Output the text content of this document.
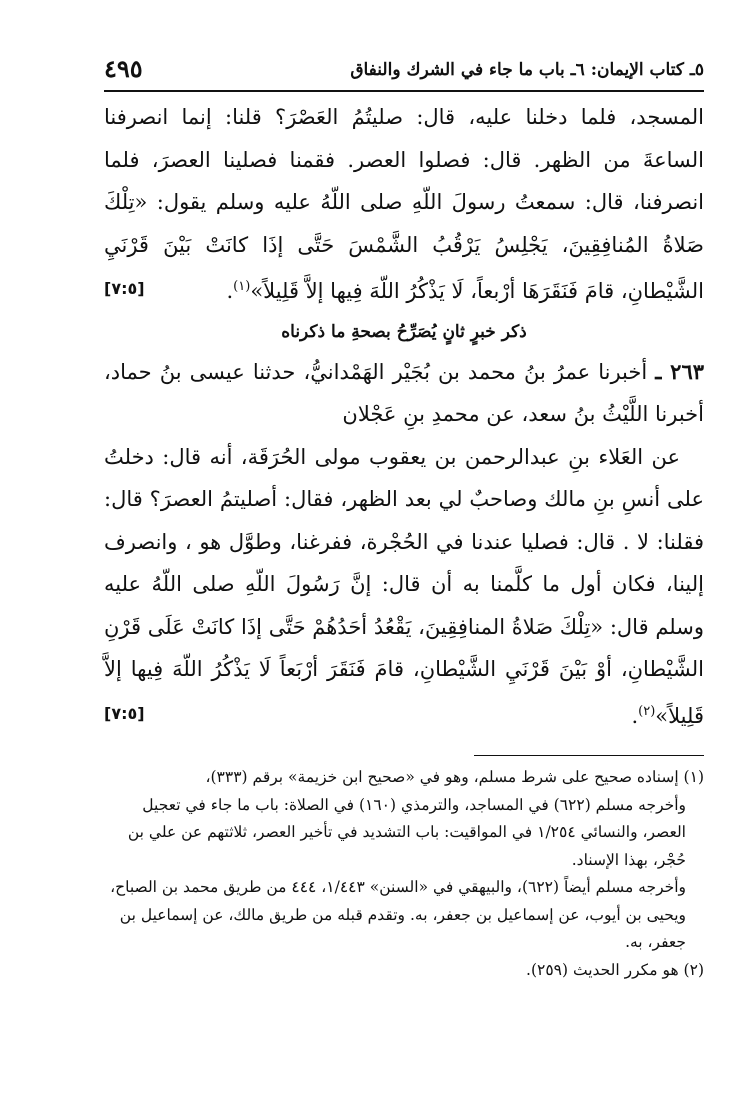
٥ـ كتاب الإيمان: ٦ـ باب ما جاء في الشرك والنفاق
٤٩٥

المسجد، فلما دخلنا عليه، قال: صليتُمُ العَصْرَ؟ قلنا: إنما انصرفنا الساعةَ من الظهر. قال: فصلوا العصر. فقمنا فصلينا العصرَ، فلما انصرفنا، قال: سمعتُ رسولَ اللّهِ صلى اللّهُ عليه وسلم يقول: «تِلْكَ صَلاةُ المُنافِقِينَ، يَجْلِسُ يَرْقُبُ الشَّمْسَ حَتَّى إذَا كانَتْ بَيْنَ قَرْنَيِ الشَّيْطانِ، قامَ فَنَقَرَهَا أرْبعاً، لَا يَذْكُرُ اللّهَ فِيها إلاَّ قَلِيلاً»$^{(١)}$.
[٧:٥]

ذكر خبرٍ ثانٍ يُصَرِّحُ بصحةِ ما ذكرناه

٢٦٣ ـ أخبرنا عمرُ بنُ محمد بن بُجَيْر الهَمْدانيُّ، حدثنا عيسى بنُ حماد، أخبرنا اللَّيْثُ بنُ سعد، عن محمدِ بنِ عَجْلان

عن العَلاء بنِ عبدالرحمن بن يعقوب مولى الحُرَقَة، أنه قال: دخلتُ على أنسِ بنِ مالك وصاحبٌ لي بعد الظهر، فقال: أصليتمُ العصرَ؟ قال: فقلنا: لا . قال: فصليا عندنا في الحُجْرة، ففرغنا، وطوَّل هو ، وانصرف إلينا، فكان أول ما كلَّمنا به أن قال: إنَّ رَسُولَ اللّهِ صلى اللّهُ عليه وسلم قال: «تِلْكَ صَلاةُ المنافِقِينَ، يَقْعُدُ أحَدُهُمْ حَتَّى إذَا كانَتْ عَلَى قَرْنِ الشَّيْطانِ، أوْ بَيْنَ قَرْنَيِ الشَّيْطانِ، قامَ فَنَقَرَ أرْبَعاً لَا يَذْكُرُ اللّهَ فِيها إلاَّ قَلِيلاً»$^{(٢)}$.
[٧:٥]

(١) إسناده صحيح على شرط مسلم، وهو في «صحيح ابن خزيمة» برقم (٣٣٣)،

وأخرجه مسلم (٦٢٢) في المساجد، والترمذي (١٦٠) في الصلاة: باب ما جاء في تعجيل العصر، والنسائي ١/٢٥٤ في المواقيت: باب التشديد في تأخير العصر، ثلاثتهم عن علي بن حُجْر، بهذا الإسناد.

وأخرجه مسلم أيضاً (٦٢٢)، والبيهقي في «السنن» ١/٤٤٣، ٤٤٤ من طريق محمد بن الصباح، ويحيى بن أيوب، عن إسماعيل بن جعفر، به. وتقدم قبله من طريق مالك، عن إسماعيل بن جعفر، به.

(٢) هو مكرر الحديث (٢٥٩).
